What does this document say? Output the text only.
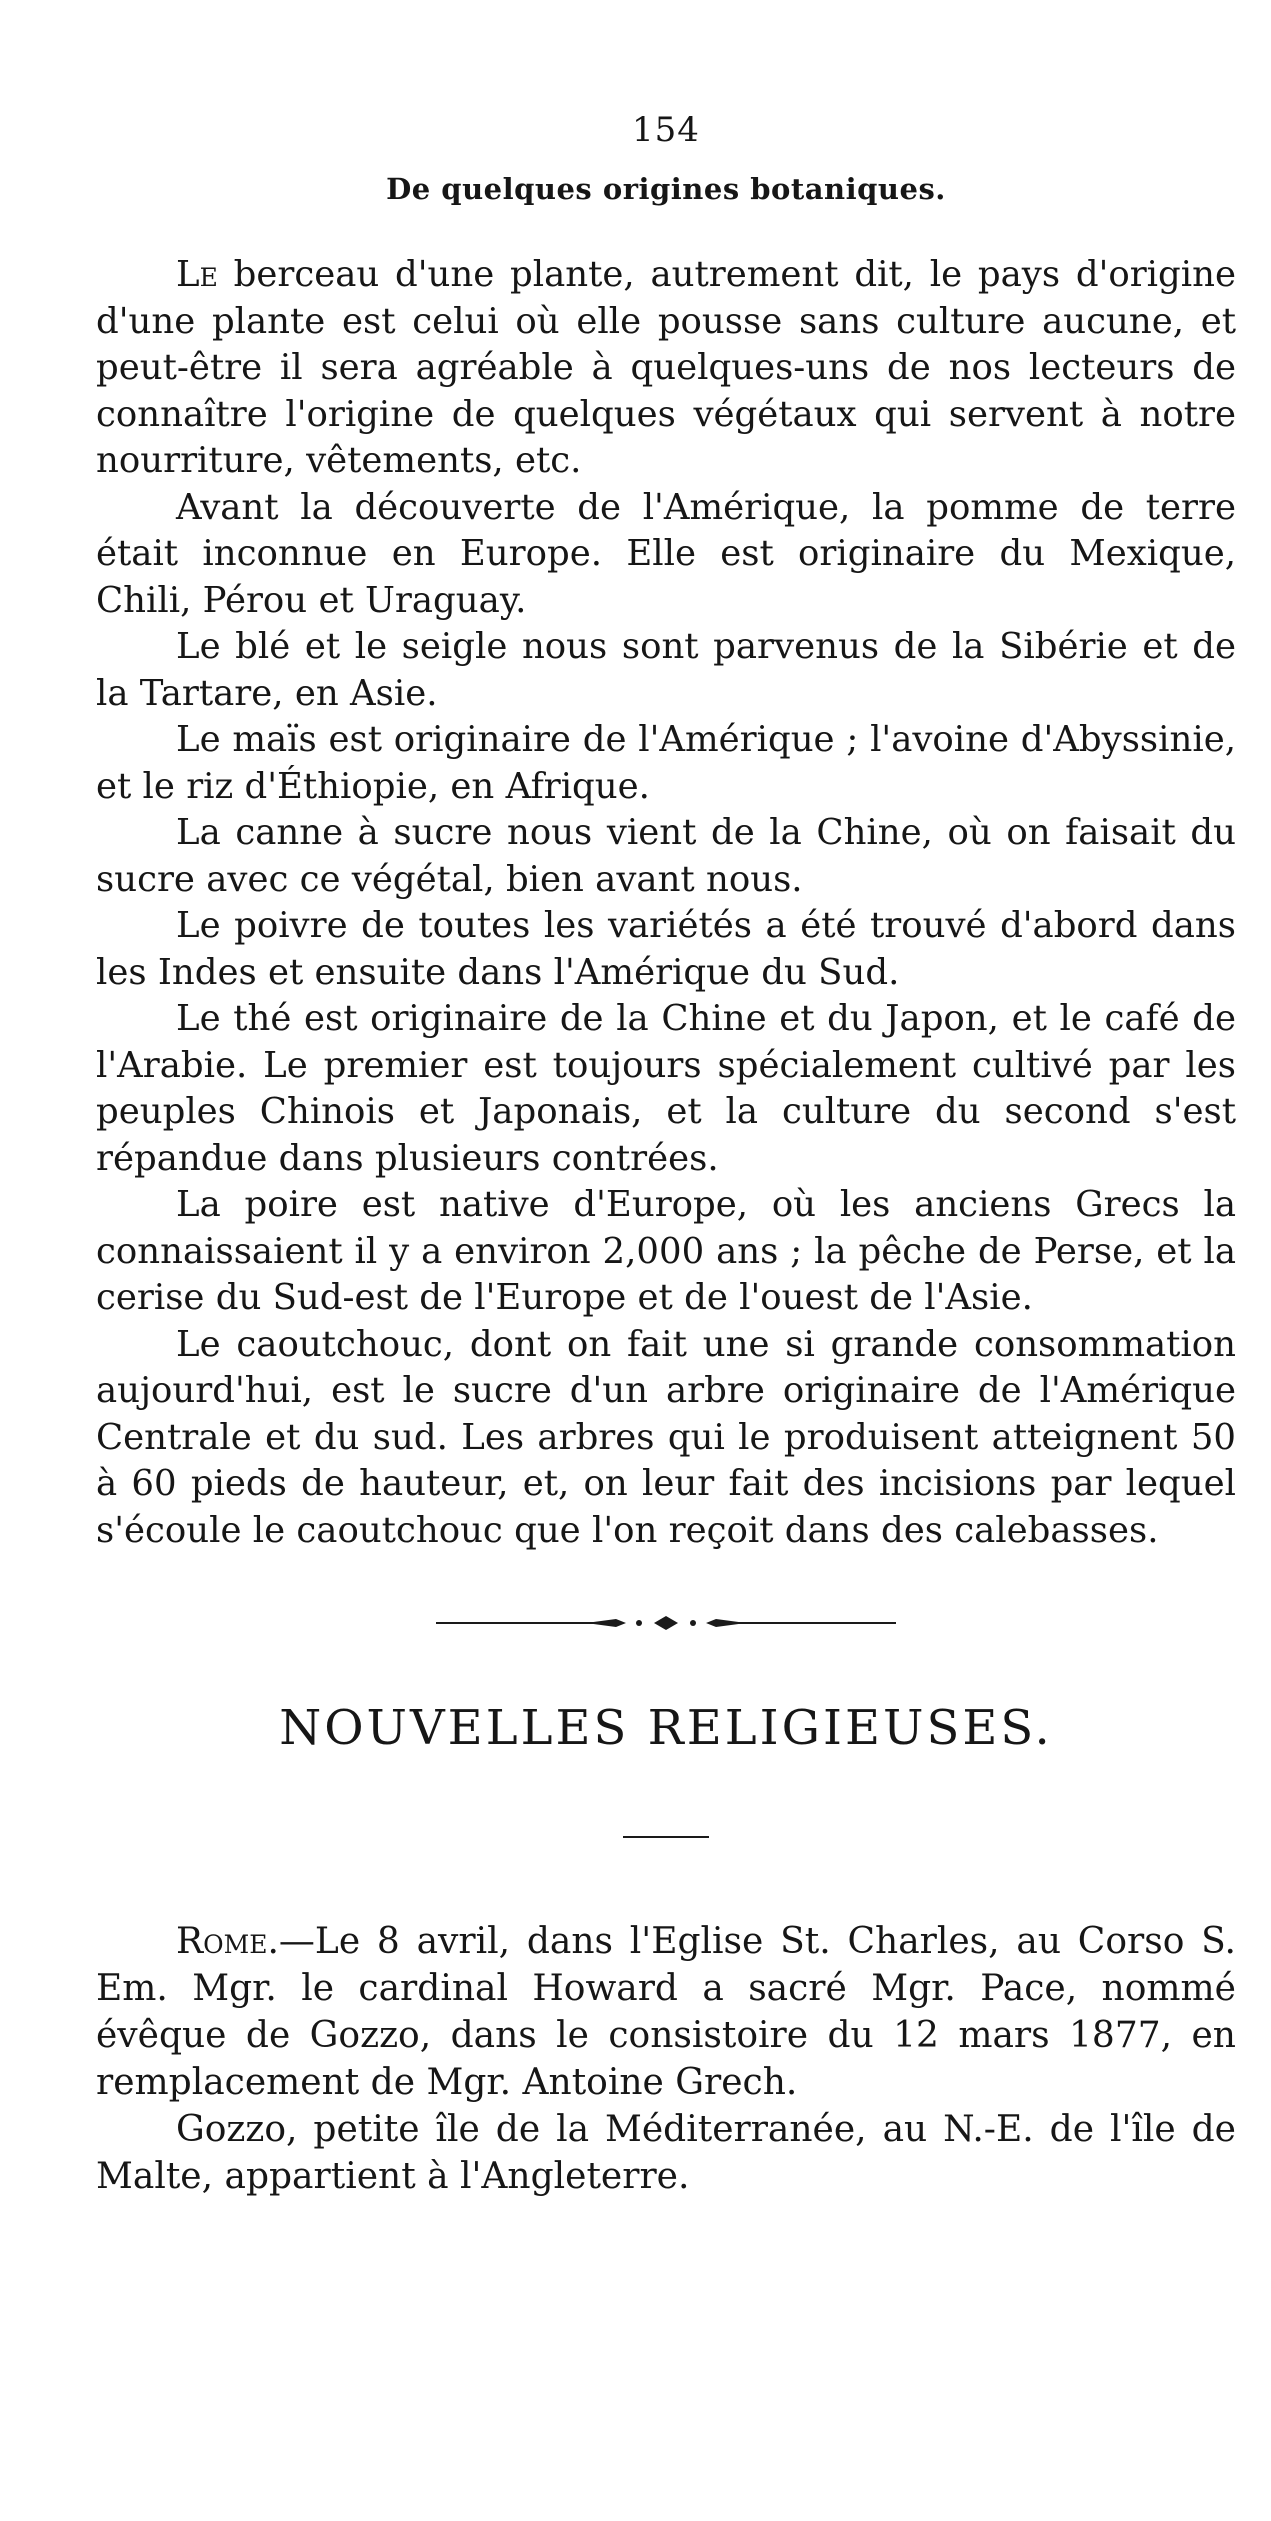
154
De quelques origines botaniques.

Le berceau d'une plante, autrement dit, le pays d'origine d'une plante est celui où elle pousse sans culture aucune, et peut-être il sera agréable à quelques-uns de nos lecteurs de connaître l'origine de quelques végétaux qui servent à notre nourriture, vêtements, etc.

Avant la découverte de l'Amérique, la pomme de terre était inconnue en Europe. Elle est originaire du Mexique, Chili, Pérou et Uraguay.

Le blé et le seigle nous sont parvenus de la Sibérie et de la Tartare, en Asie.

Le maïs est originaire de l'Amérique ; l'avoine d'Abyssinie, et le riz d'Éthiopie, en Afrique.

La canne à sucre nous vient de la Chine, où on faisait du sucre avec ce végétal, bien avant nous.

Le poivre de toutes les variétés a été trouvé d'abord dans les Indes et ensuite dans l'Amérique du Sud.

Le thé est originaire de la Chine et du Japon, et le café de l'Arabie. Le premier est toujours spécialement cultivé par les peuples Chinois et Japonais, et la culture du second s'est répandue dans plusieurs contrées.

La poire est native d'Europe, où les anciens Grecs la connaissaient il y a environ 2,000 ans ; la pêche de Perse, et la cerise du Sud-est de l'Europe et de l'ouest de l'Asie.

Le caoutchouc, dont on fait une si grande consommation aujourd'hui, est le sucre d'un arbre originaire de l'Amérique Centrale et du sud. Les arbres qui le produisent atteignent 50 à 60 pieds de hauteur, et, on leur fait des incisions par lequel s'écoule le caoutchouc que l'on reçoit dans des calebasses.

NOUVELLES RELIGIEUSES.

Rome.—Le 8 avril, dans l'Eglise St. Charles, au Corso S. Em. Mgr. le cardinal Howard a sacré Mgr. Pace, nommé évêque de Gozzo, dans le consistoire du 12 mars 1877, en remplacement de Mgr. Antoine Grech.

Gozzo, petite île de la Méditerranée, au N.-E. de l'île de Malte, appartient à l'Angleterre.
